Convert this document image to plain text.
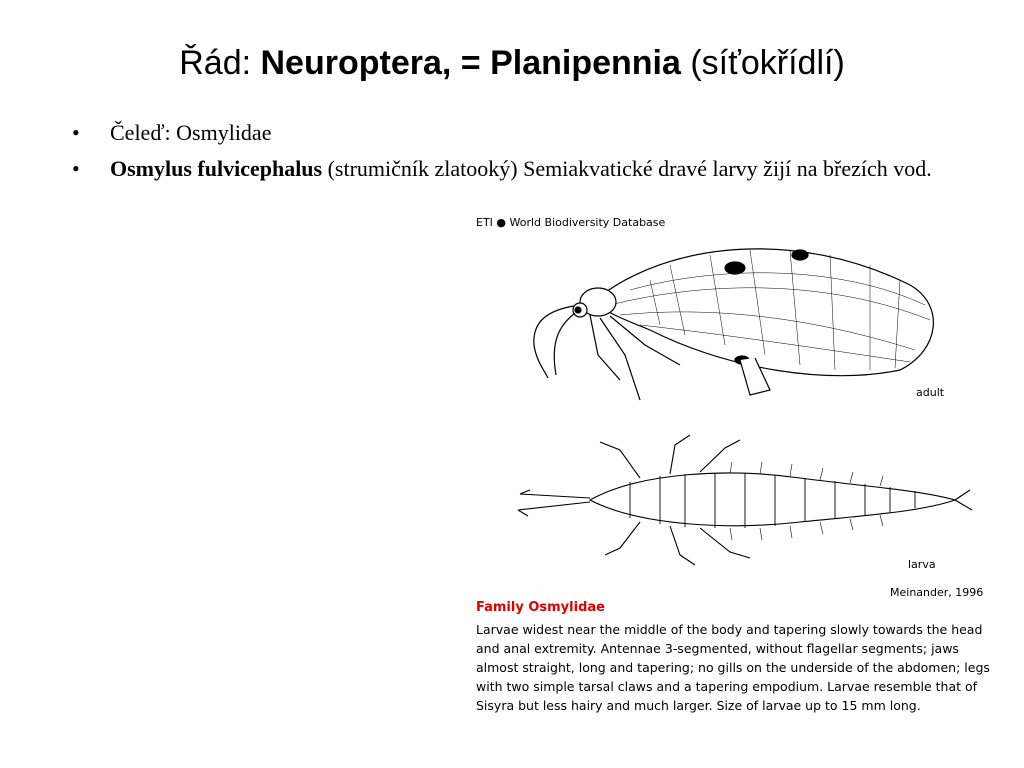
Řád: Neuroptera, = Planipennia (síťokřídlí)
• Čeleď: Osmylidae
• Osmylus fulvicephalus (strumičník zlatooký) Semiakvatické dravé larvy žijí na březích vod.
ETI ● World Biodiversity Database
adult
larva
Meinander, 1996
Family Osmylidae
Larvae widest near the middle of the body and tapering slowly towards the head and anal extremity. Antennae 3-segmented, without flagellar segments; jaws almost straight, long and tapering; no gills on the underside of the abdomen; legs with two simple tarsal claws and a tapering empodium. Larvae resemble that of Sisyra but less hairy and much larger. Size of larvae up to 15 mm long.
